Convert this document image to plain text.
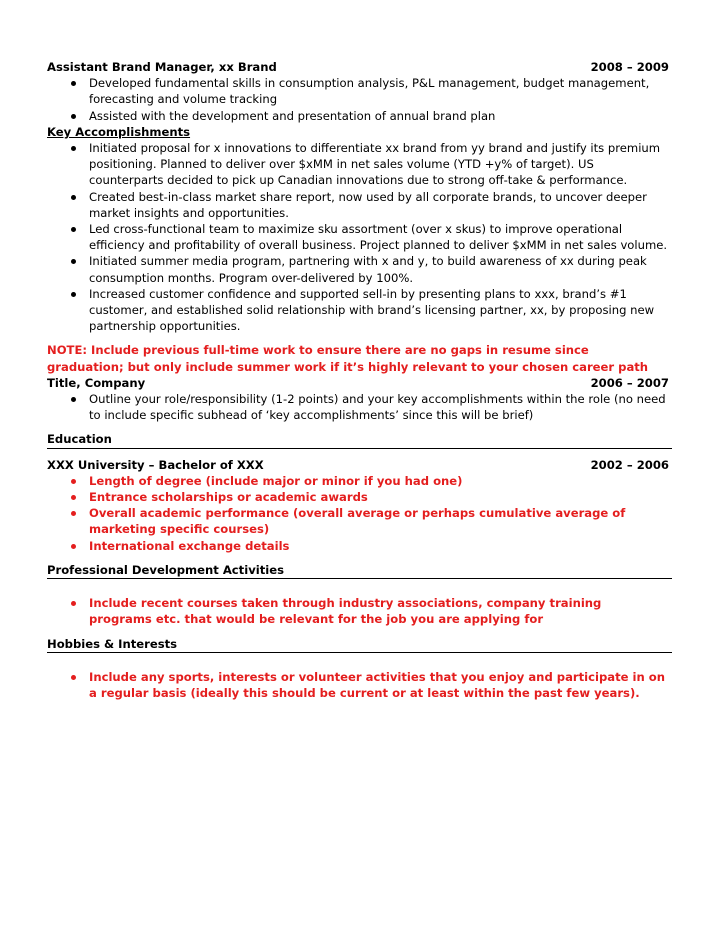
Assistant Brand Manager, xx Brand	2008 – 2009
Developed fundamental skills in consumption analysis, P&L management, budget management, forecasting and volume tracking
Assisted with the development and presentation of annual brand plan
Key Accomplishments
Initiated proposal for x innovations to differentiate xx brand from yy brand and justify its premium positioning. Planned to deliver over $xMM in net sales volume (YTD +y% of target). US counterparts decided to pick up Canadian innovations due to strong off-take & performance.
Created best-in-class market share report, now used by all corporate brands, to uncover deeper market insights and opportunities.
Led cross-functional team to maximize sku assortment (over x skus) to improve operational efficiency and profitability of overall business. Project planned to deliver $xMM in net sales volume.
Initiated summer media program, partnering with x and y, to build awareness of xx during peak consumption months. Program over-delivered by 100%.
Increased customer confidence and supported sell-in by presenting plans to xxx, brand’s #1 customer, and established solid relationship with brand’s licensing partner, xx, by proposing new partnership opportunities.
NOTE: Include previous full-time work to ensure there are no gaps in resume since graduation; but only include summer work if it’s highly relevant to your chosen career path
Title, Company	2006 – 2007
Outline your role/responsibility (1-2 points) and your key accomplishments within the role (no need to include specific subhead of ‘key accomplishments’ since this will be brief)
Education
XXX University – Bachelor of XXX	2002 – 2006
Length of degree (include major or minor if you had one)
Entrance scholarships or academic awards
Overall academic performance (overall average or perhaps cumulative average of marketing specific courses)
International exchange details
Professional Development Activities
Include recent courses taken through industry associations, company training programs etc. that would be relevant for the job you are applying for
Hobbies & Interests
Include any sports, interests or volunteer activities that you enjoy and participate in on a regular basis (ideally this should be current or at least within the past few years).
